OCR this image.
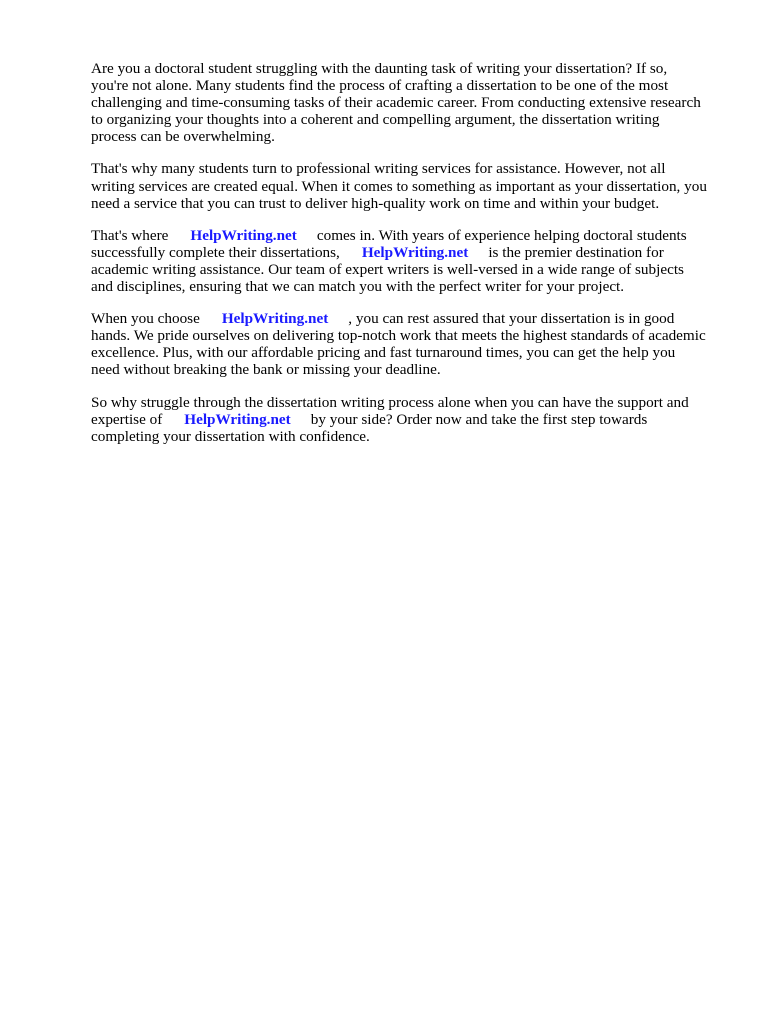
Are you a doctoral student struggling with the daunting task of writing your dissertation? If so,
you're not alone. Many students find the process of crafting a dissertation to be one of the most
challenging and time-consuming tasks of their academic career. From conducting extensive research
to organizing your thoughts into a coherent and compelling argument, the dissertation writing
process can be overwhelming.

That's why many students turn to professional writing services for assistance. However, not all
writing services are created equal. When it comes to something as important as your dissertation, you
need a service that you can trust to deliver high-quality work on time and within your budget.

That's where HelpWriting.net comes in. With years of experience helping doctoral students
successfully complete their dissertations, HelpWriting.net is the premier destination for
academic writing assistance. Our team of expert writers is well-versed in a wide range of subjects
and disciplines, ensuring that we can match you with the perfect writer for your project.

When you choose HelpWriting.net , you can rest assured that your dissertation is in good
hands. We pride ourselves on delivering top-notch work that meets the highest standards of academic
excellence. Plus, with our affordable pricing and fast turnaround times, you can get the help you
need without breaking the bank or missing your deadline.

So why struggle through the dissertation writing process alone when you can have the support and
expertise of HelpWriting.net by your side? Order now and take the first step towards
completing your dissertation with confidence.
